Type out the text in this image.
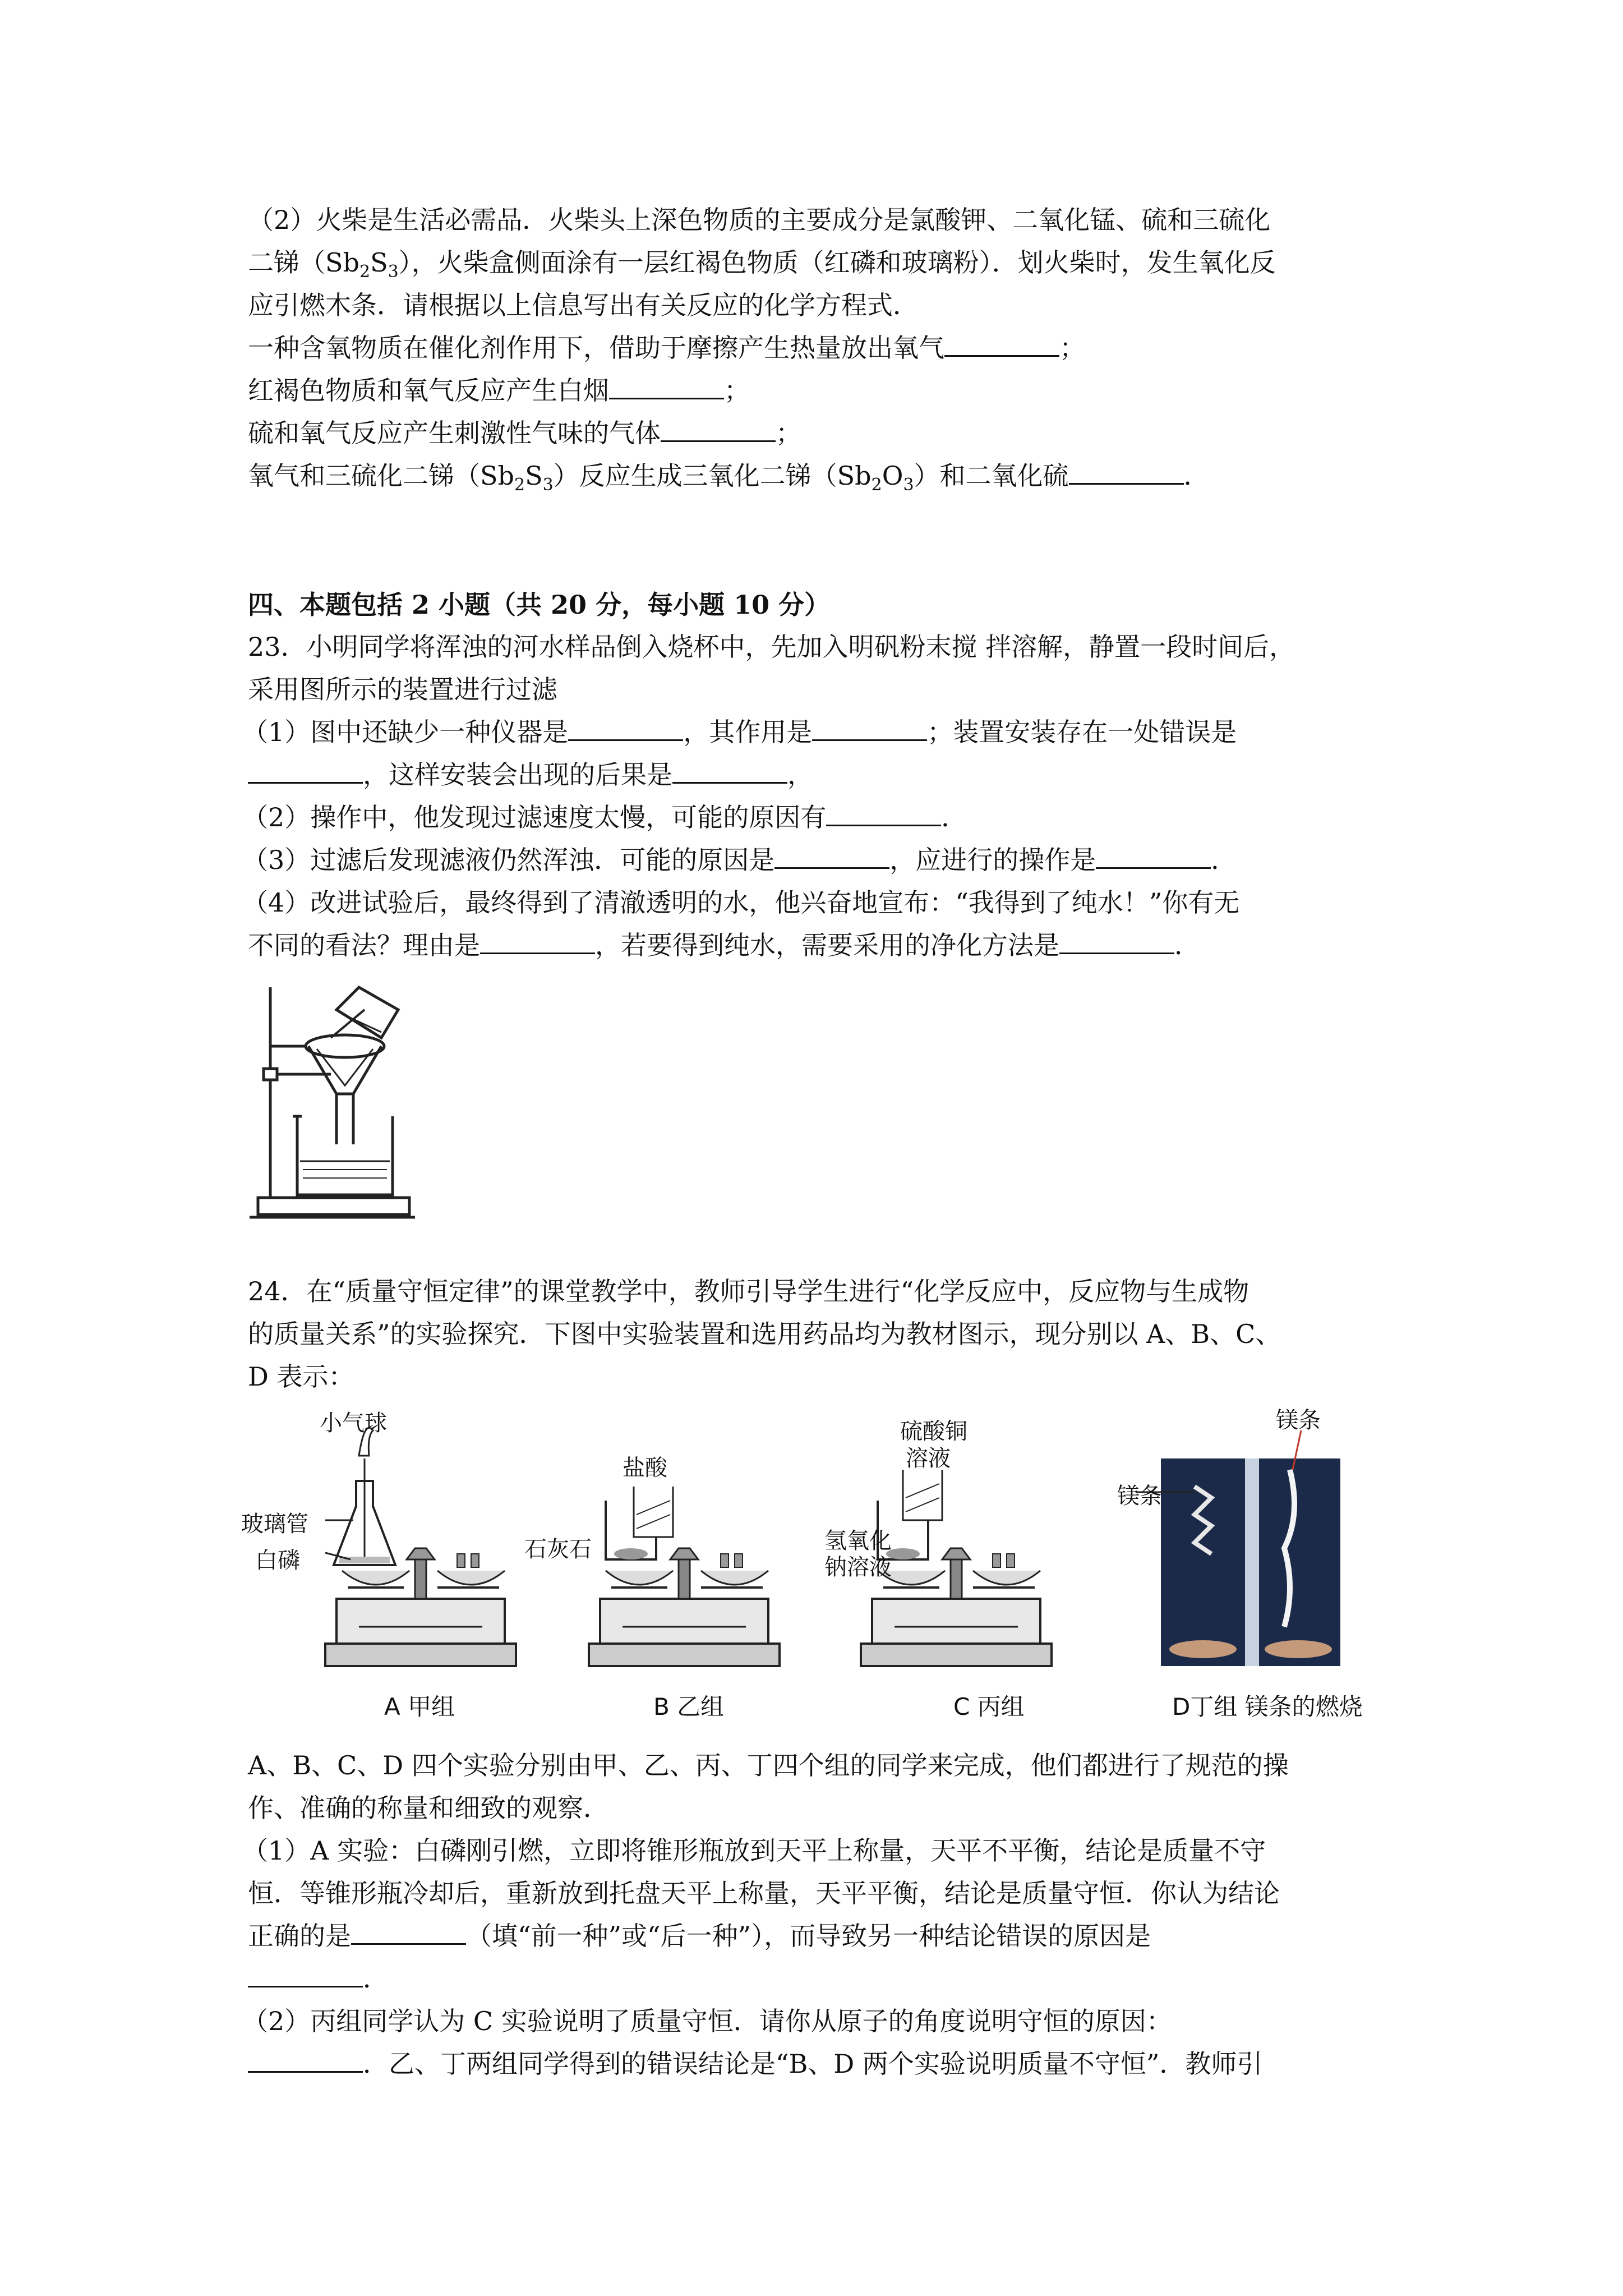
（2）火柴是生活必需品．火柴头上深色物质的主要成分是氯酸钾、二氧化锰、硫和三硫化
二锑$(Sb_2S_3)$，火柴盒侧面涂有一层红褐色物质（红磷和玻璃粉）．划火柴时，发生氧化反
应引燃木条．请根据以上信息写出有关反应的化学方程式．
一种含氧物质在催化剂作用下，借助于摩擦产生热量放出氧气	；
红褐色物质和氧气反应产生白烟	；
硫和氧气反应产生刺激性气味的气体	；
氧气和三硫化二锑$(Sb_2S_3)$反应生成三氧化二锑$(Sb_2O_3)$和二氧化硫	．
四、本题包括 2 小题（共 20 分，每小题 10 分）
23．小明同学将浑浊的河水样品倒入烧杯中，先加入明矾粉末搅 拌溶解，静置一段时间后，
采用图所示的装置进行过滤
（1）图中还缺少一种仪器是	，其作用是	；装置安装存在一处错误是
，这样安装会出现的后果是	，
（2）操作中，他发现过滤速度太慢，可能的原因有	．
（3）过滤后发现滤液仍然浑浊．可能的原因是	，应进行的操作是	．
（4）改进试验后，最终得到了清澈透明的水，他兴奋地宣布：“我得到了纯水！”你有无
不同的看法？理由是	，若要得到纯水，需要采用的净化方法是	．
24．在“质量守恒定律”的课堂教学中，教师引导学生进行“化学反应中，反应物与生成物
的质量关系”的实验探究．下图中实验装置和选用药品均为教材图示，现分别以 A、B、C、
D 表示：
小气球
玻璃管
白磷
盐酸
石灰石
硫酸铜
溶液
氢氧化
钠溶液
镁条
镁条
A 甲组	B 乙组	C 丙组	D丁组 镁条的燃烧
A、B、C、D 四个实验分别由甲、乙、丙、丁四个组的同学来完成，他们都进行了规范的操
作、准确的称量和细致的观察．
（1）A 实验：白磷刚引燃，立即将锥形瓶放到天平上称量，天平不平衡，结论是质量不守
恒．等锥形瓶冷却后，重新放到托盘天平上称量，天平平衡，结论是质量守恒．你认为结论
正确的是	（填“前一种”或“后一种”），而导致另一种结论错误的原因是
．
（2）丙组同学认为 C 实验说明了质量守恒．请你从原子的角度说明守恒的原因：
．乙、丁两组同学得到的错误结论是“B、D 两个实验说明质量不守恒”．教师引
